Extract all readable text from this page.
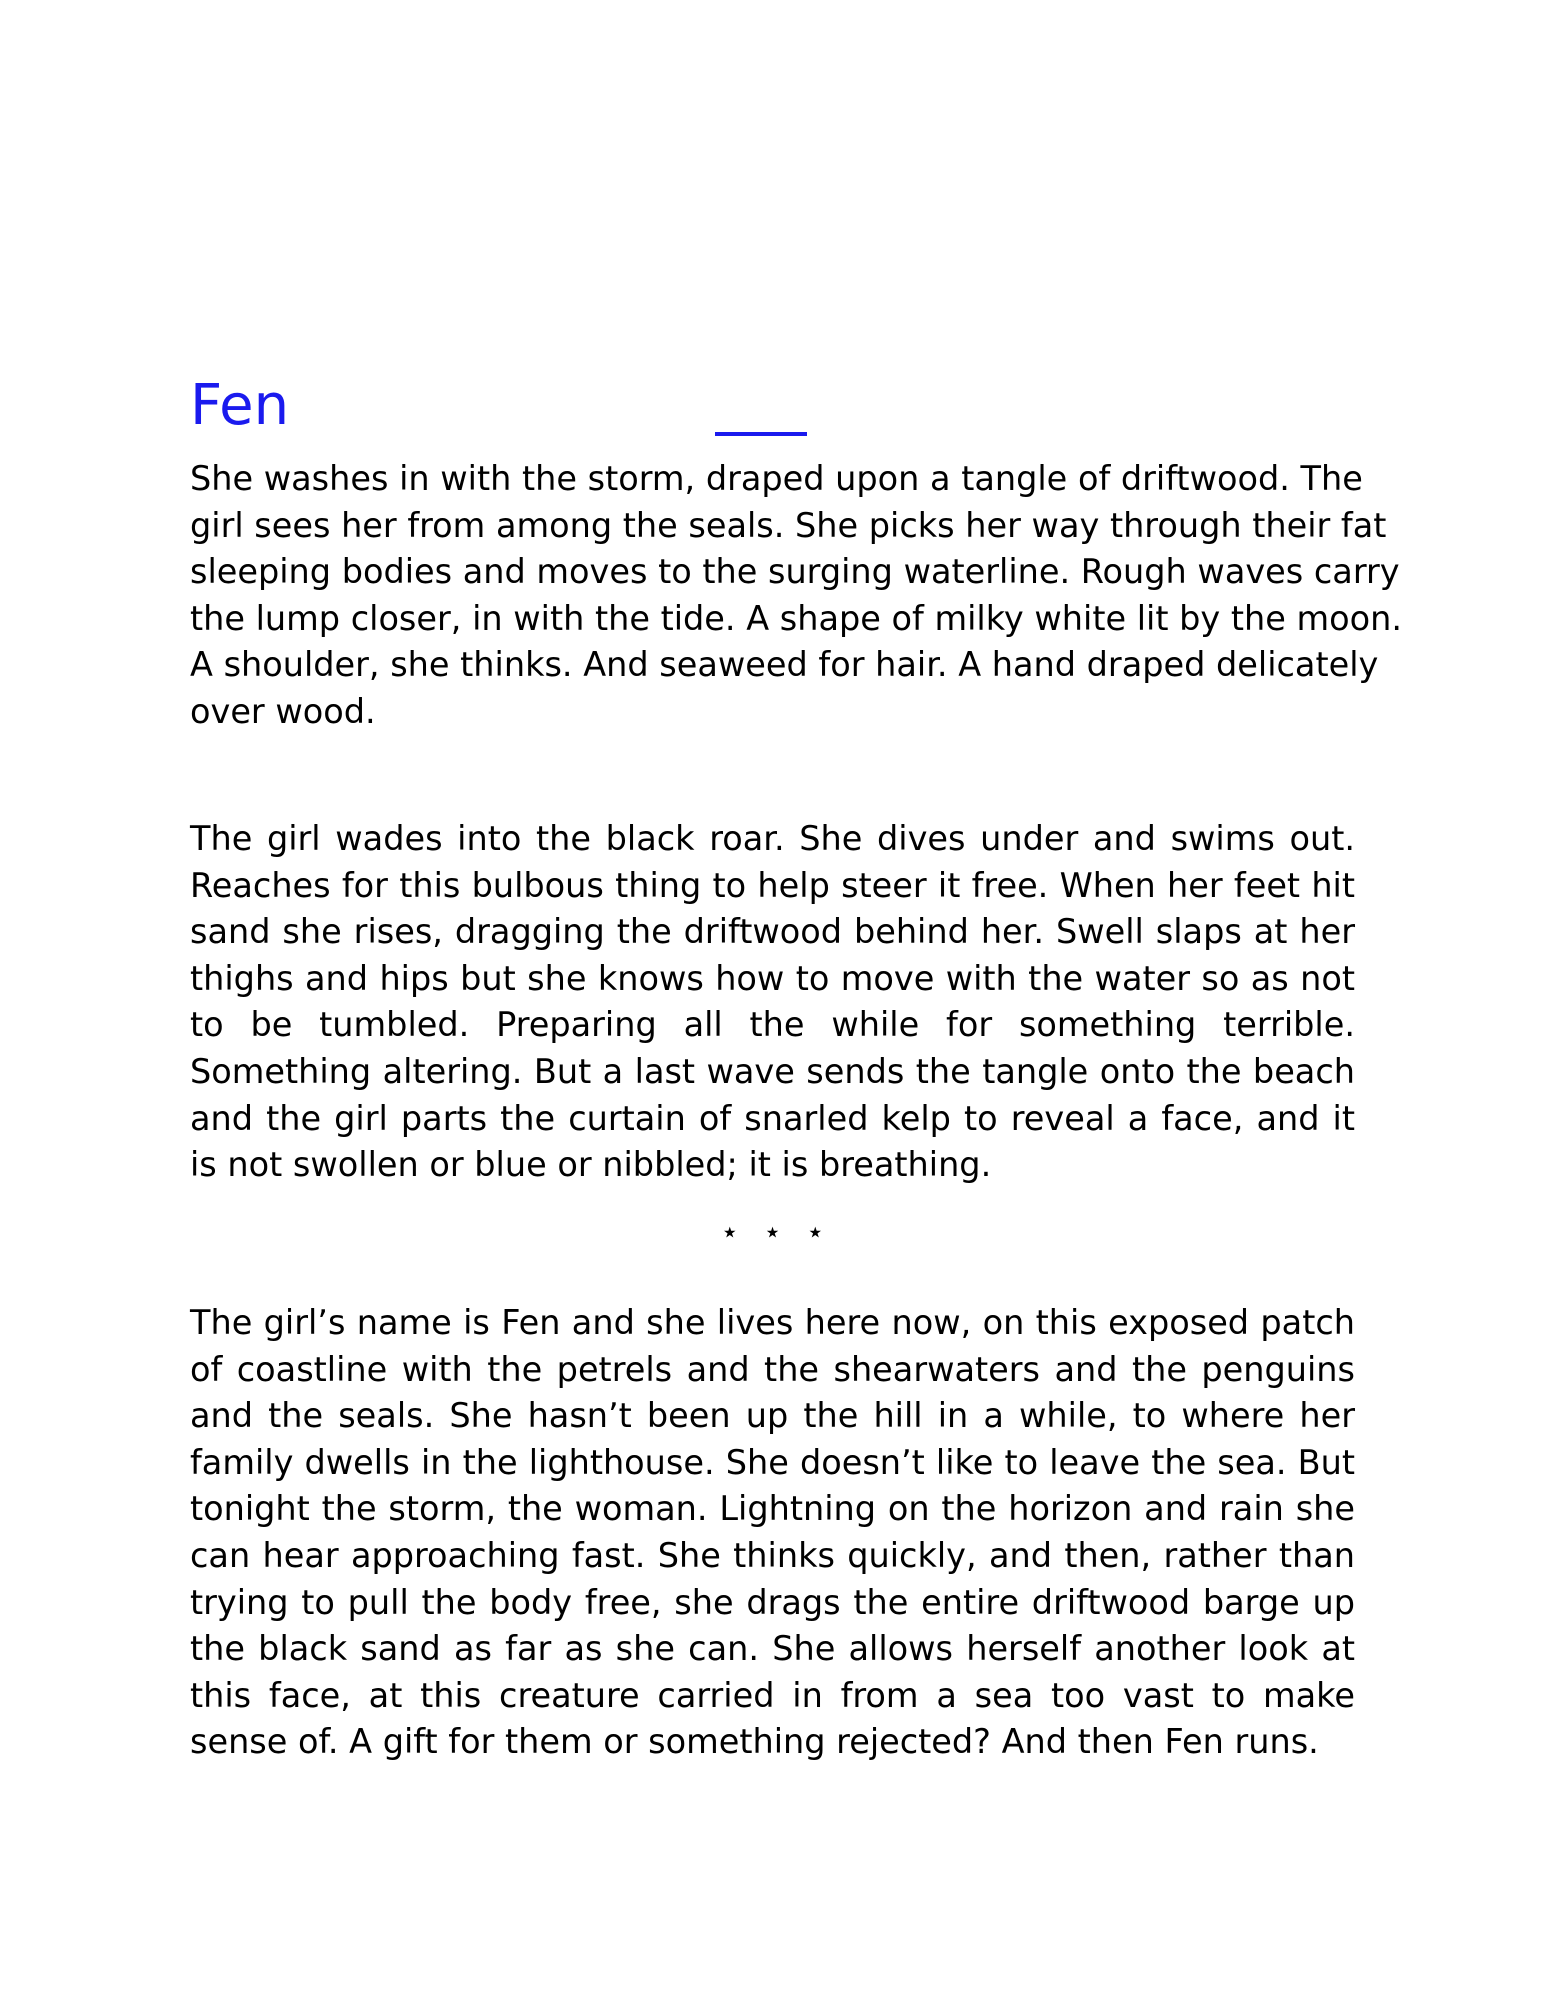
Fen

She washes in with the storm, draped upon a tangle of driftwood. The girl sees her from among the seals. She picks her way through their fat sleeping bodies and moves to the surging waterline. Rough waves carry the lump closer, in with the tide. A shape of milky white lit by the moon. A shoulder, she thinks. And seaweed for hair. A hand draped delicately over wood.

The girl wades into the black roar. She dives under and swims out. Reaches for this bulbous thing to help steer it free. When her feet hit sand she rises, dragging the driftwood behind her. Swell slaps at her thighs and hips but she knows how to move with the water so as not to be tumbled. Preparing all the while for something terrible. Something altering. But a last wave sends the tangle onto the beach and the girl parts the curtain of snarled kelp to reveal a face, and it is not swollen or blue or nibbled; it is breathing.

⋆⋆⋆

The girl’s name is Fen and she lives here now, on this exposed patch of coastline with the petrels and the shearwaters and the penguins and the seals. She hasn’t been up the hill in a while, to where her family dwells in the lighthouse. She doesn’t like to leave the sea. But tonight the storm, the woman. Lightning on the horizon and rain she can hear approaching fast. She thinks quickly, and then, rather than trying to pull the body free, she drags the entire driftwood barge up the black sand as far as she can. She allows herself another look at this face, at this creature carried in from a sea too vast to make sense of. A gift for them or something rejected? And then Fen runs.
